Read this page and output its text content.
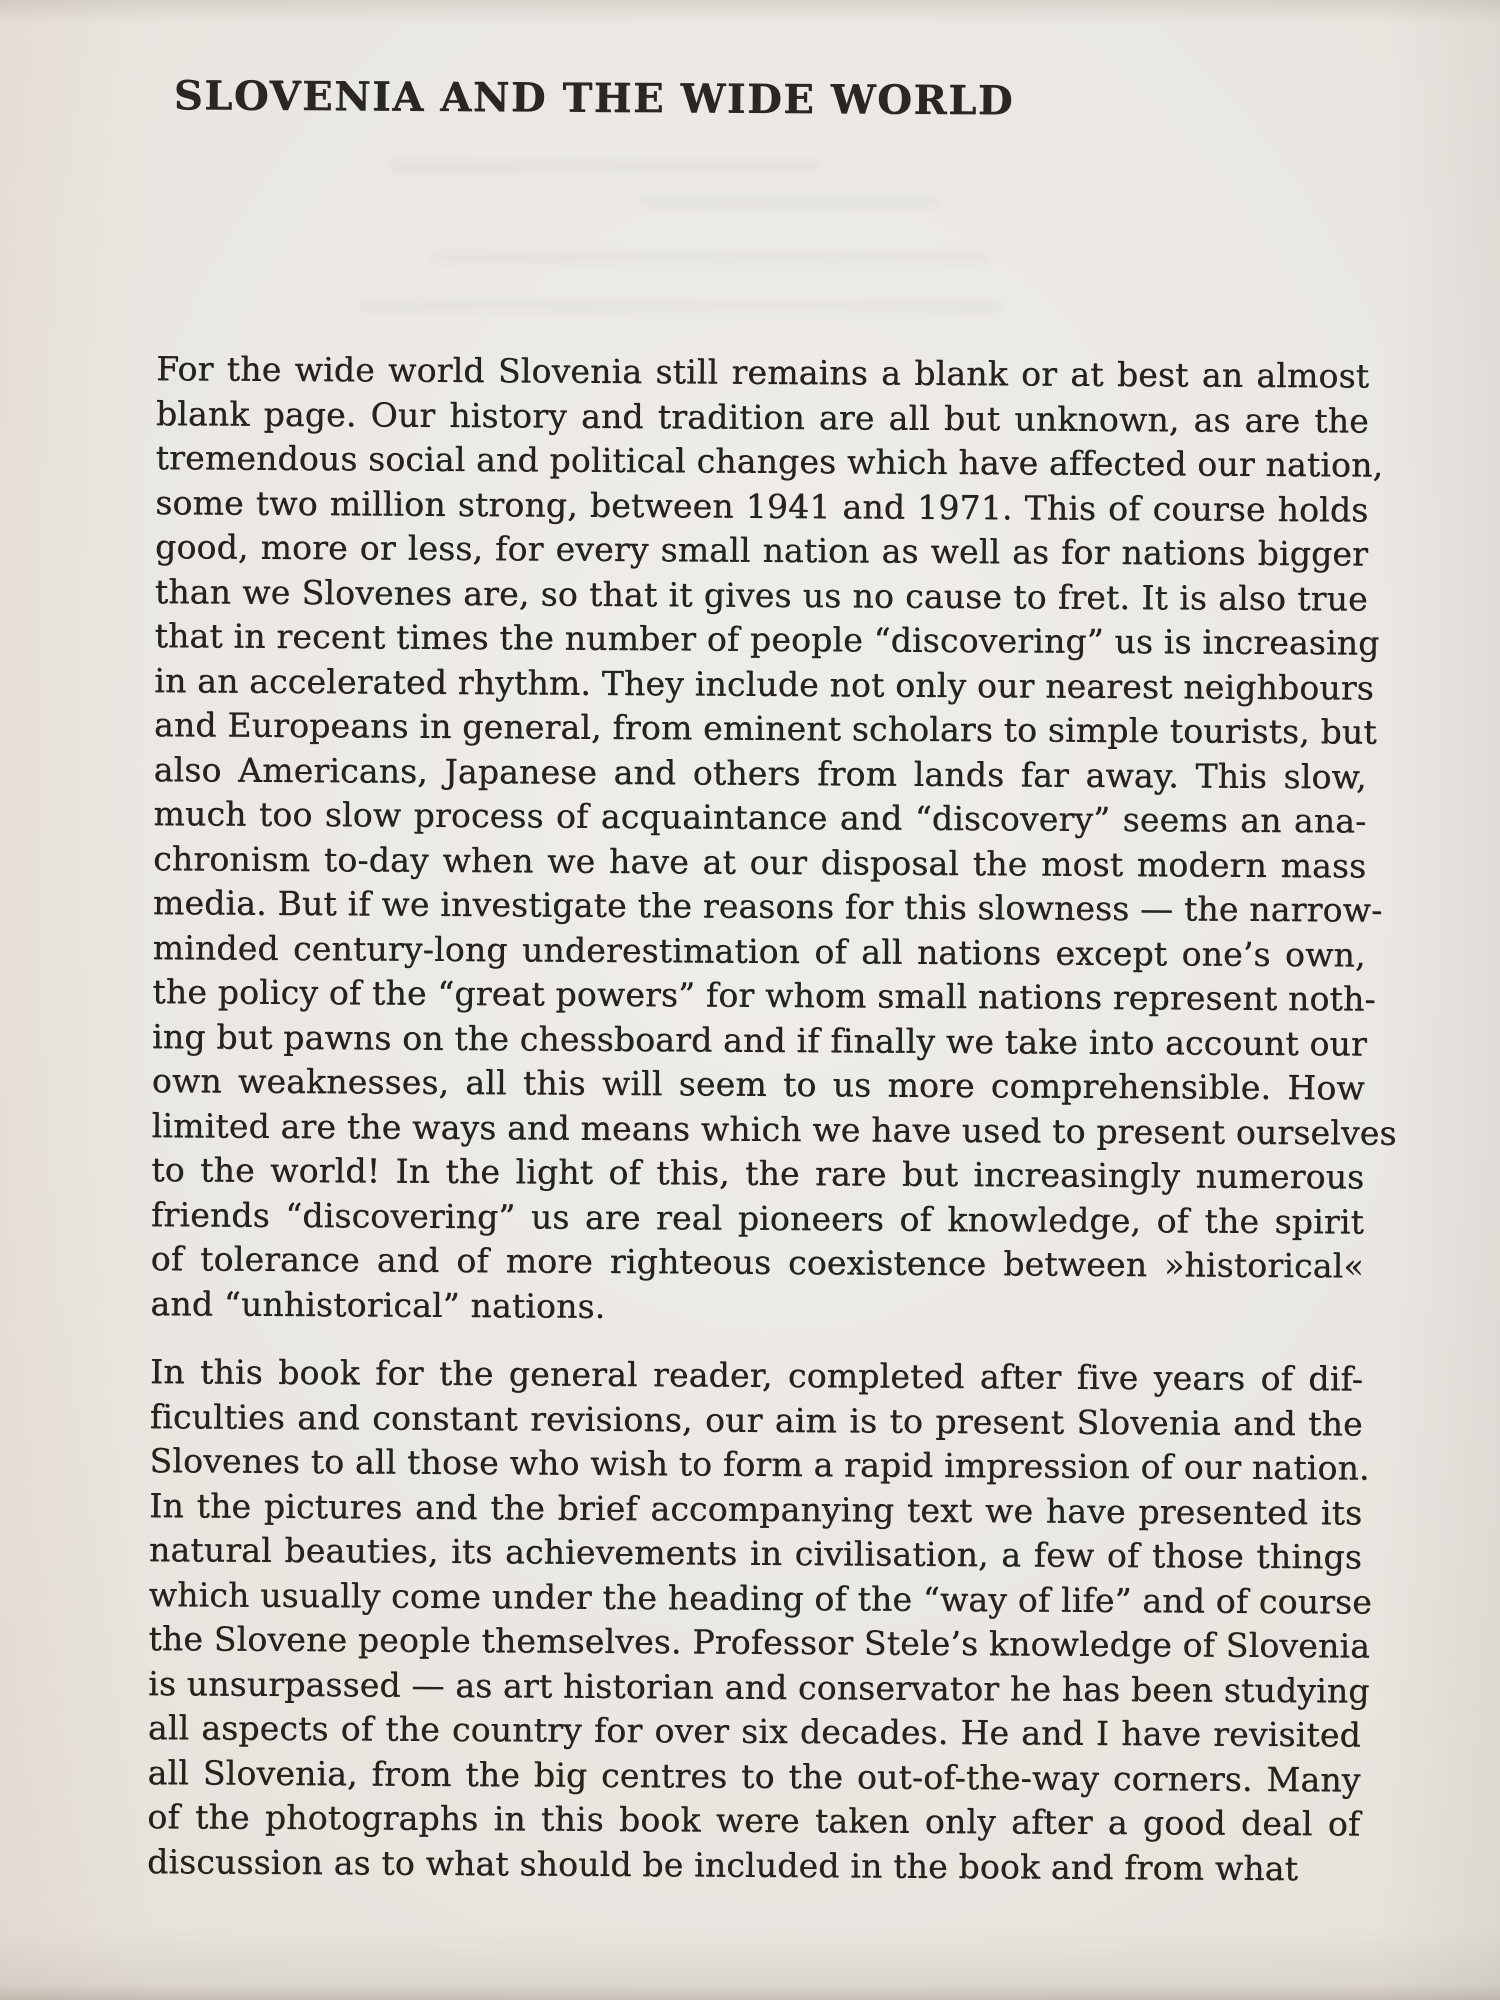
SLOVENIA AND THE WIDE WORLD
For the wide world Slovenia still remains a blank or at best an almost
blank page. Our history and tradition are all but unknown, as are the
tremendous social and political changes which have affected our nation,
some two million strong, between 1941 and 1971. This of course holds
good, more or less, for every small nation as well as for nations bigger
than we Slovenes are, so that it gives us no cause to fret. It is also true
that in recent times the number of people “discovering” us is increasing
in an accelerated rhythm. They include not only our nearest neighbours
and Europeans in general, from eminent scholars to simple tourists, but
also Americans, Japanese and others from lands far away. This slow,
much too slow process of acquaintance and “discovery” seems an ana-
chronism to-day when we have at our disposal the most modern mass
media. But if we investigate the reasons for this slowness — the narrow-
minded century-long underestimation of all nations except one’s own,
the policy of the “great powers” for whom small nations represent noth-
ing but pawns on the chessboard and if finally we take into account our
own weaknesses, all this will seem to us more comprehensible. How
limited are the ways and means which we have used to present ourselves
to the world! In the light of this, the rare but increasingly numerous
friends “discovering” us are real pioneers of knowledge, of the spirit
of tolerance and of more righteous coexistence between »historical«
and “unhistorical” nations.
In this book for the general reader, completed after five years of dif-
ficulties and constant revisions, our aim is to present Slovenia and the
Slovenes to all those who wish to form a rapid impression of our nation.
In the pictures and the brief accompanying text we have presented its
natural beauties, its achievements in civilisation, a few of those things
which usually come under the heading of the “way of life” and of course
the Slovene people themselves. Professor Stele’s knowledge of Slovenia
is unsurpassed — as art historian and conservator he has been studying
all aspects of the country for over six decades. He and I have revisited
all Slovenia, from the big centres to the out-of-the-way corners. Many
of the photographs in this book were taken only after a good deal of
discussion as to what should be included in the book and from what
